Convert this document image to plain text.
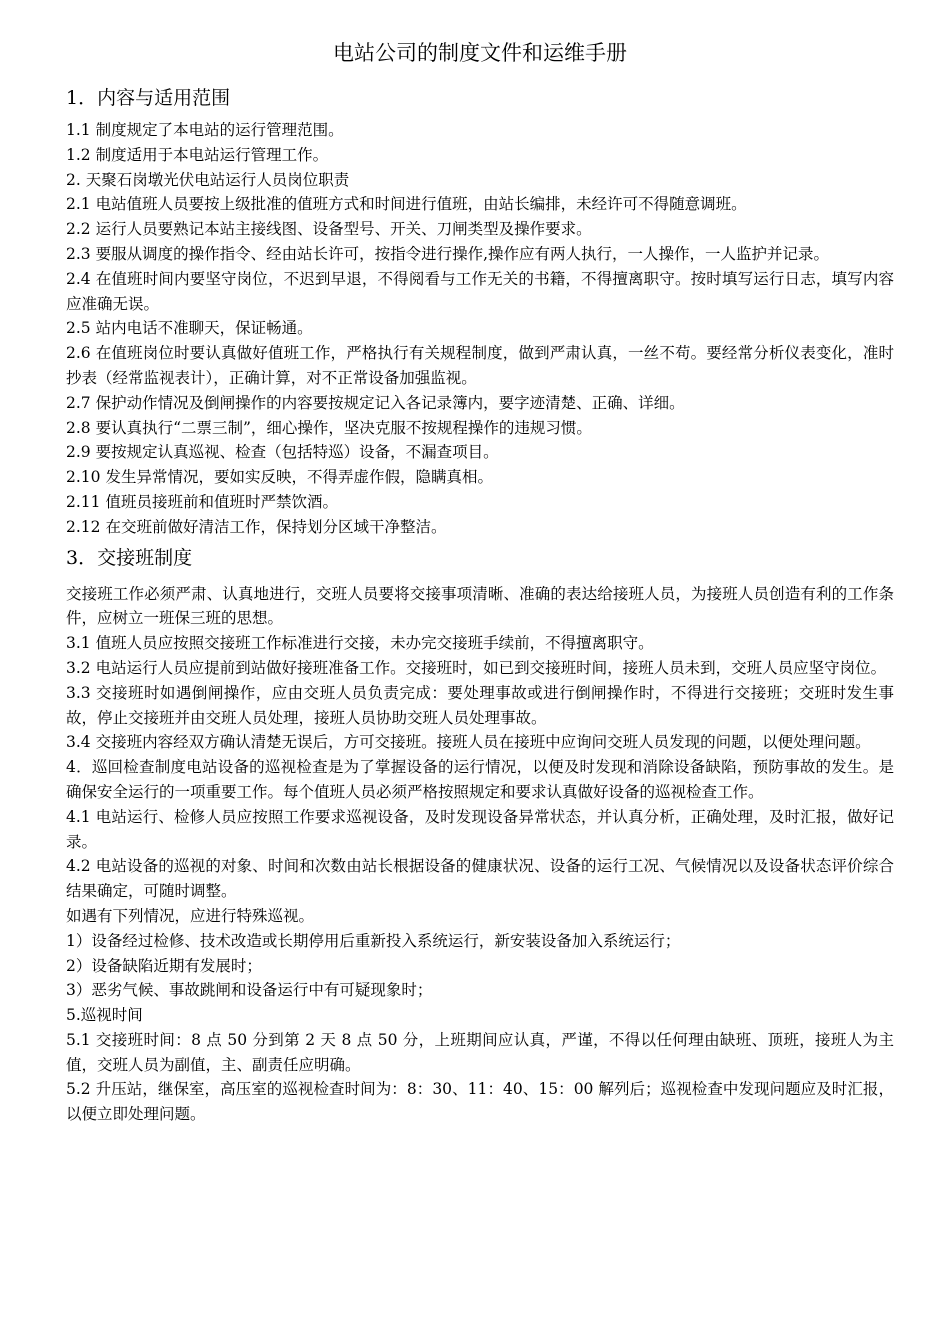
电站公司的制度文件和运维手册
1．内容与适用范围

1.1 制度规定了本电站的运行管理范围。

1.2 制度适用于本电站运行管理工作。

2. 天聚石岗墩光伏电站运行人员岗位职责

2.1 电站值班人员要按上级批准的值班方式和时间进行值班，由站长编排，未经许可不得随意调班。

2.2 运行人员要熟记本站主接线图、设备型号、开关、刀闸类型及操作要求。

2.3 要服从调度的操作指令、经由站长许可，按指令进行操作,操作应有两人执行，一人操作，一人监护并记录。

2.4 在值班时间内要坚守岗位，不迟到早退，不得阅看与工作无关的书籍，不得擅离职守。按时填写运行日志，填写内容应准确无误。

2.5 站内电话不准聊天，保证畅通。

2.6 在值班岗位时要认真做好值班工作，严格执行有关规程制度，做到严肃认真，一丝不苟。要经常分析仪表变化，准时抄表（经常监视表计），正确计算，对不正常设备加强监视。

2.7 保护动作情况及倒闸操作的内容要按规定记入各记录簿内，要字迹清楚、正确、详细。

2.8 要认真执行“二票三制”，细心操作，坚决克服不按规程操作的违规习惯。

2.9 要按规定认真巡视、检查（包括特巡）设备，不漏查项目。

2.10 发生异常情况，要如实反映，不得弄虚作假，隐瞒真相。

2.11 值班员接班前和值班时严禁饮酒。

2.12 在交班前做好清洁工作，保持划分区域干净整洁。

3．交接班制度

交接班工作必须严肃、认真地进行，交班人员要将交接事项清晰、准确的表达给接班人员，为接班人员创造有利的工作条件，应树立一班保三班的思想。

3.1 值班人员应按照交接班工作标准进行交接，未办完交接班手续前，不得擅离职守。

3.2 电站运行人员应提前到站做好接班准备工作。交接班时，如已到交接班时间，接班人员未到，交班人员应坚守岗位。

3.3 交接班时如遇倒闸操作，应由交班人员负责完成：要处理事故或进行倒闸操作时，不得进行交接班；交班时发生事故，停止交接班并由交班人员处理，接班人员协助交班人员处理事故。

3.4 交接班内容经双方确认清楚无误后，方可交接班。接班人员在接班中应询问交班人员发现的问题，以便处理问题。

4．巡回检查制度电站设备的巡视检查是为了掌握设备的运行情况，以便及时发现和消除设备缺陷，预防事故的发生。是确保安全运行的一项重要工作。每个值班人员必须严格按照规定和要求认真做好设备的巡视检查工作。

4.1 电站运行、检修人员应按照工作要求巡视设备，及时发现设备异常状态，并认真分析，正确处理，及时汇报，做好记录。

4.2 电站设备的巡视的对象、时间和次数由站长根据设备的健康状况、设备的运行工况、气候情况以及设备状态评价综合结果确定，可随时调整。

如遇有下列情况，应进行特殊巡视。

1）设备经过检修、技术改造或长期停用后重新投入系统运行，新安装设备加入系统运行；

2）设备缺陷近期有发展时；

3）恶劣气候、事故跳闸和设备运行中有可疑现象时；

5.巡视时间

5.1 交接班时间：8 点 50 分到第 2 天 8 点 50 分，上班期间应认真，严谨，不得以任何理由缺班、顶班，接班人为主值，交班人员为副值，主、副责任应明确。

5.2 升压站，继保室，高压室的巡视检查时间为：8：30、11：40、15：00 解列后；巡视检查中发现问题应及时汇报，以便立即处理问题。
